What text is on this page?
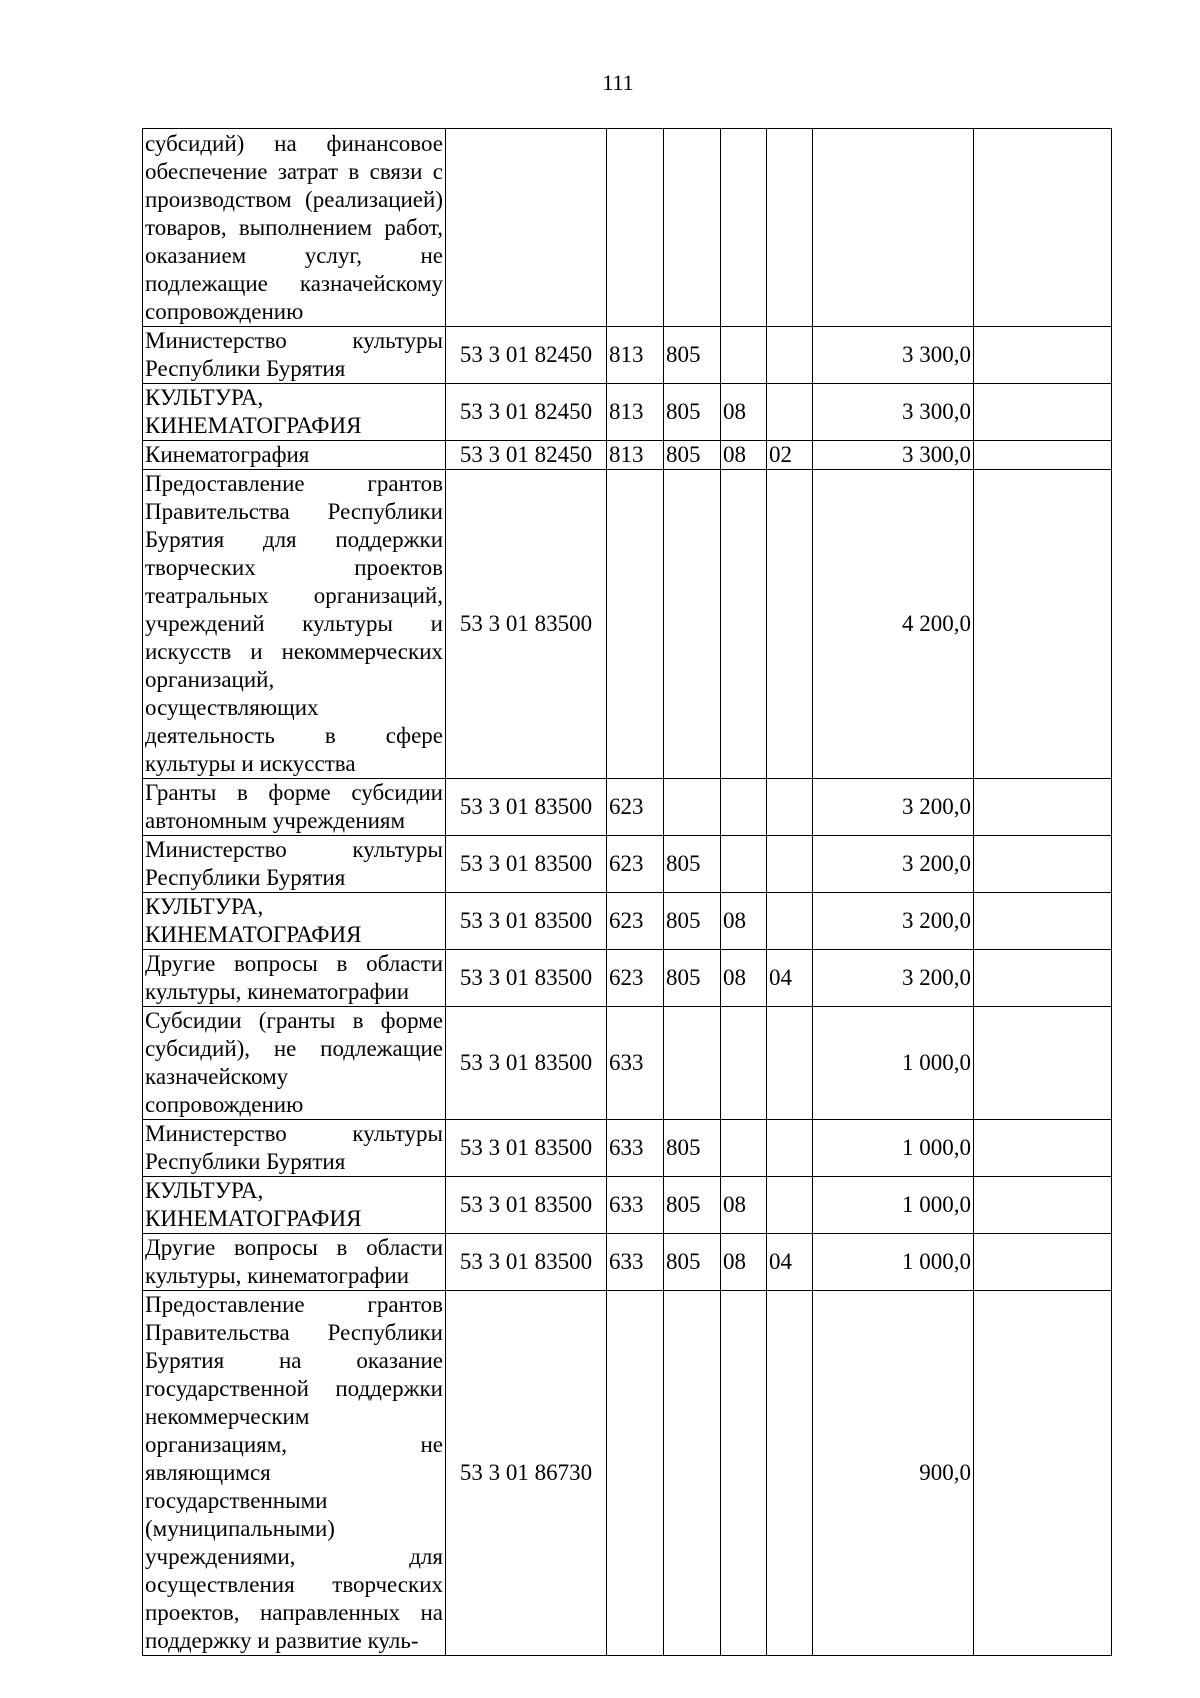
111
субсидий) на финансовое обеспечение затрат в связи с производством (реализацией) товаров, выполнением работ, оказанием услуг, не подлежащие казначейскому сопровождению							
Министерство культуры Республики Бурятия	53 3 01 82450	813	805			3 300,0	
КУЛЬТУРА, КИНЕМАТОГРАФИЯ	53 3 01 82450	813	805	08		3 300,0	
Кинематография	53 3 01 82450	813	805	08	02	3 300,0	
Предоставление грантов Правительства Республики Бурятия для поддержки творческих проектов театральных организаций, учреждений культуры и искусств и некоммерческих организаций, осуществляющих деятельность в сфере культуры и искусства	53 3 01 83500					4 200,0	
Гранты в форме субсидии автономным учреждениям	53 3 01 83500	623				3 200,0	
Министерство культуры Республики Бурятия	53 3 01 83500	623	805			3 200,0	
КУЛЬТУРА, КИНЕМАТОГРАФИЯ	53 3 01 83500	623	805	08		3 200,0	
Другие вопросы в области культуры, кинематографии	53 3 01 83500	623	805	08	04	3 200,0	
Субсидии (гранты в форме субсидий), не подлежащие казначейскому сопровождению	53 3 01 83500	633				1 000,0	
Министерство культуры Республики Бурятия	53 3 01 83500	633	805			1 000,0	
КУЛЬТУРА, КИНЕМАТОГРАФИЯ	53 3 01 83500	633	805	08		1 000,0	
Другие вопросы в области культуры, кинематографии	53 3 01 83500	633	805	08	04	1 000,0	
Предоставление грантов Правительства Республики Бурятия на оказание государственной поддержки некоммерческим организациям, не являющимся государственными (муниципальными) учреждениями, для осуществления творческих проектов, направленных на поддержку и развитие куль-	53 3 01 86730					900,0	
